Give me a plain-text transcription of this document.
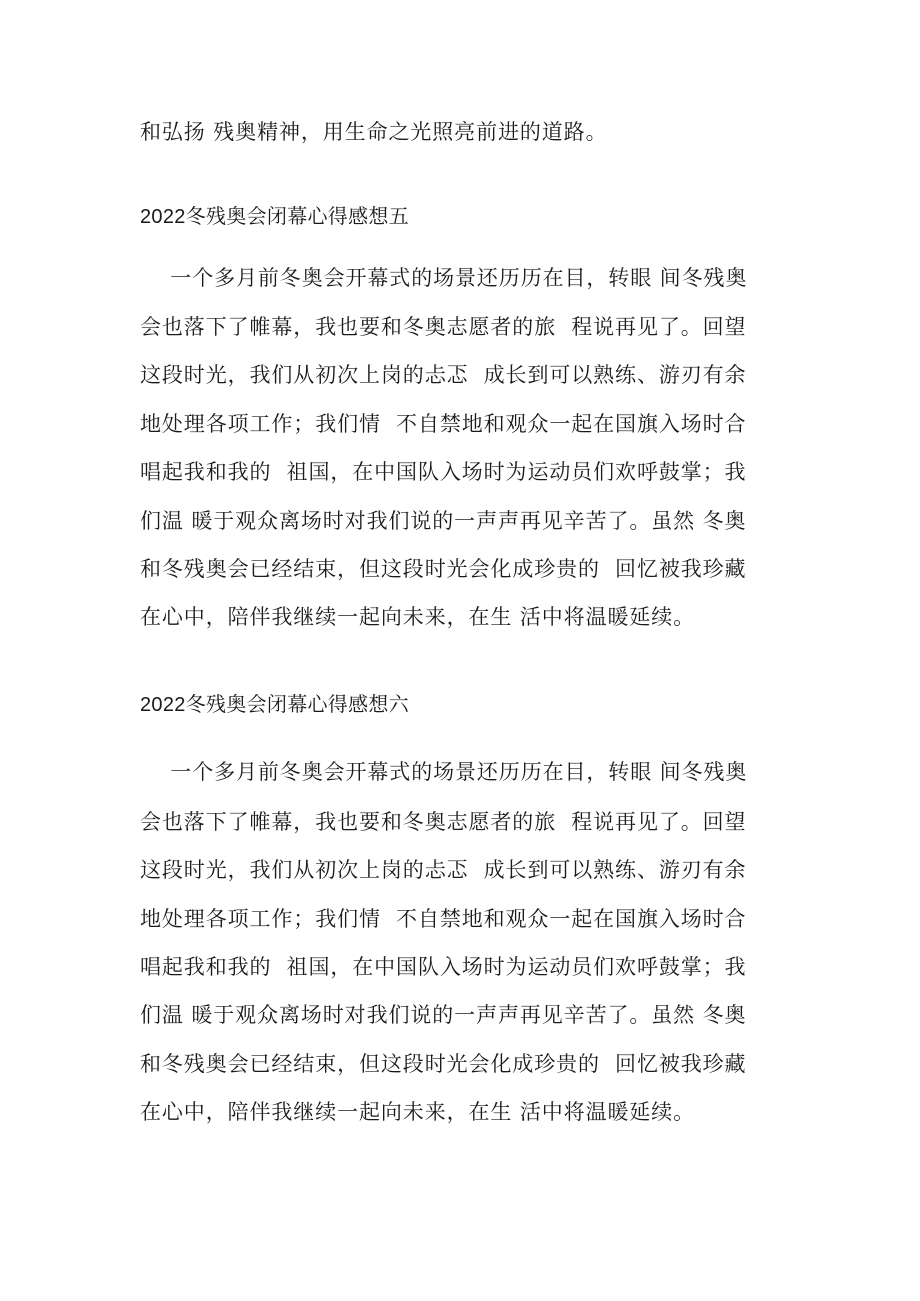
和弘扬 残奥精神，用生命之光照亮前进的道路。
2022冬残奥会闭幕心得感想五
一个多月前冬奥会开幕式的场景还历历在目，转眼 间冬残奥
会也落下了帷幕，我也要和冬奥志愿者的旅  程说再见了。回望
这段时光，我们从初次上岗的忐忑  成长到可以熟练、游刃有余
地处理各项工作；我们情  不自禁地和观众一起在国旗入场时合
唱起我和我的  祖国，在中国队入场时为运动员们欢呼鼓掌；我
们温 暖于观众离场时对我们说的一声声再见辛苦了。虽然 冬奥
和冬残奥会已经结束，但这段时光会化成珍贵的  回忆被我珍藏
在心中，陪伴我继续一起向未来，在生 活中将温暖延续。
2022冬残奥会闭幕心得感想六
一个多月前冬奥会开幕式的场景还历历在目，转眼 间冬残奥
会也落下了帷幕，我也要和冬奥志愿者的旅  程说再见了。回望
这段时光，我们从初次上岗的忐忑  成长到可以熟练、游刃有余
地处理各项工作；我们情  不自禁地和观众一起在国旗入场时合
唱起我和我的  祖国，在中国队入场时为运动员们欢呼鼓掌；我
们温 暖于观众离场时对我们说的一声声再见辛苦了。虽然 冬奥
和冬残奥会已经结束，但这段时光会化成珍贵的  回忆被我珍藏
在心中，陪伴我继续一起向未来，在生 活中将温暖延续。
